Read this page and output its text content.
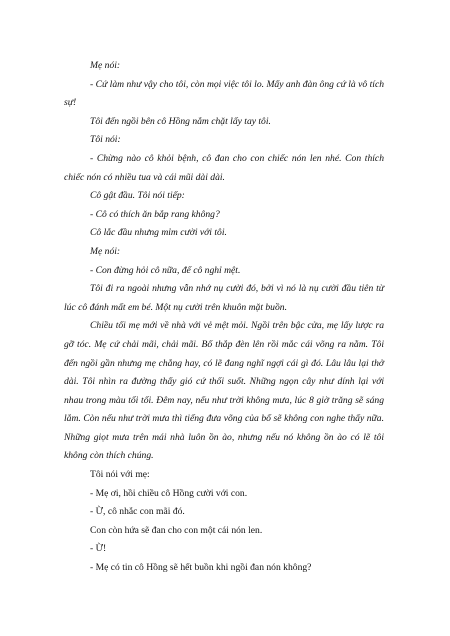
Mẹ nói:

- Cứ làm như vậy cho tôi, còn mọi việc tôi lo. Mấy anh đàn ông cứ là vô tích sự!

Tôi đến ngồi bên cô Hồng nắm chặt lấy tay tôi.

Tôi nói:

- Chừng nào cô khỏi bệnh, cô đan cho con chiếc nón len nhé. Con thích chiếc nón có nhiều tua và cái mũi dài dài.

Cô gật đầu. Tôi nói tiếp:

- Cô có thích ăn bắp rang không?

Cô lắc đầu nhưng mỉm cười với tôi.

Mẹ nói:

- Con đừng hỏi cô nữa, để cô nghỉ mệt.

Tôi đi ra ngoài nhưng vẫn nhớ nụ cười đó, bởi vì nó là nụ cười đầu tiên từ lúc cô đánh mất em bé. Một nụ cười trên khuôn mặt buồn.

Chiều tối mẹ mới về nhà với vẻ mệt mỏi. Ngồi trên bậc cửa, mẹ lấy lược ra gỡ tóc. Mẹ cứ chải mãi, chải mãi. Bố thắp đèn lên rồi mắc cái võng ra nằm. Tôi đến ngồi gần nhưng mẹ chẳng hay, có lẽ đang nghĩ ngợi cái gì đó. Lâu lâu lại thở dài. Tôi nhìn ra đường thấy gió cứ thổi suốt. Những ngọn cây như dính lại với nhau trong màu tối tối. Đêm nay, nếu như trời không mưa, lúc 8 giờ trăng sẽ sáng lắm. Còn nếu như trời mưa thì tiếng đưa võng của bố sẽ không con nghe thấy nữa. Những giọt mưa trên mái nhà luôn ồn ào, nhưng nếu nó không ồn ào có lẽ tôi không còn thích chúng.

Tôi nói với mẹ:

- Mẹ ơi, hồi chiều cô Hồng cười với con.

- Ừ, cô nhắc con mãi đó.

Con còn hứa sẽ đan cho con một cái nón len.

- Ừ!

- Mẹ có tin cô Hồng sẽ hết buồn khi ngồi đan nón không?
